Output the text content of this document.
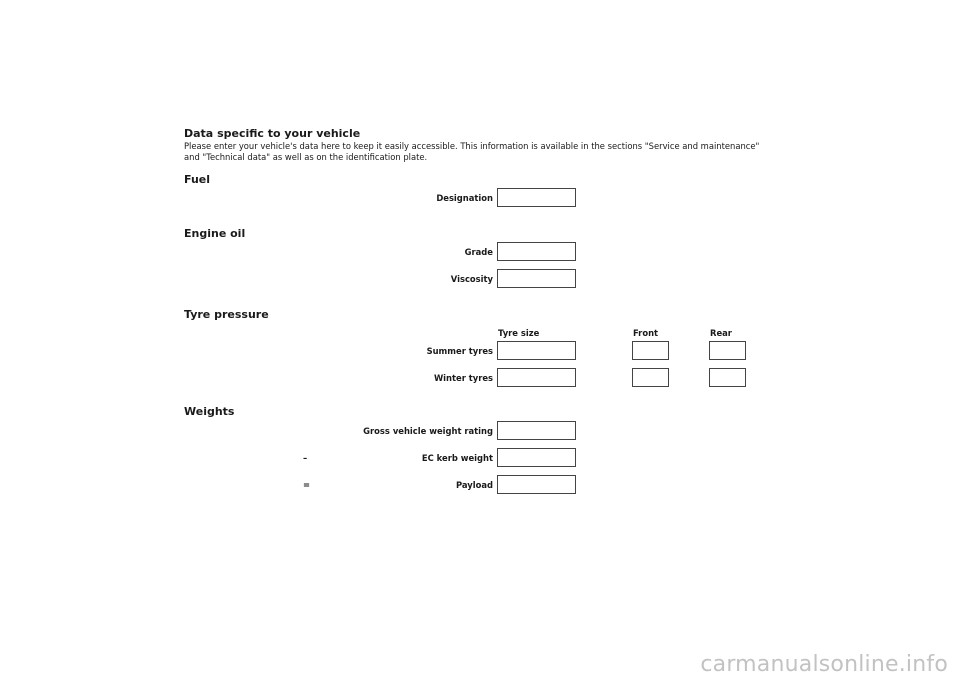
Data specific to your vehicle
Please enter your vehicle's data here to keep it easily accessible. This information is available in the sections "Service and maintenance"
and "Technical data" as well as on the identification plate.
Fuel
Designation
Engine oil
Grade
Viscosity
Tyre pressure
Tyre size	Front	Rear
Summer tyres
Winter tyres
Weights
Gross vehicle weight rating
–	EC kerb weight
=	Payload
carmanualsonline.info
